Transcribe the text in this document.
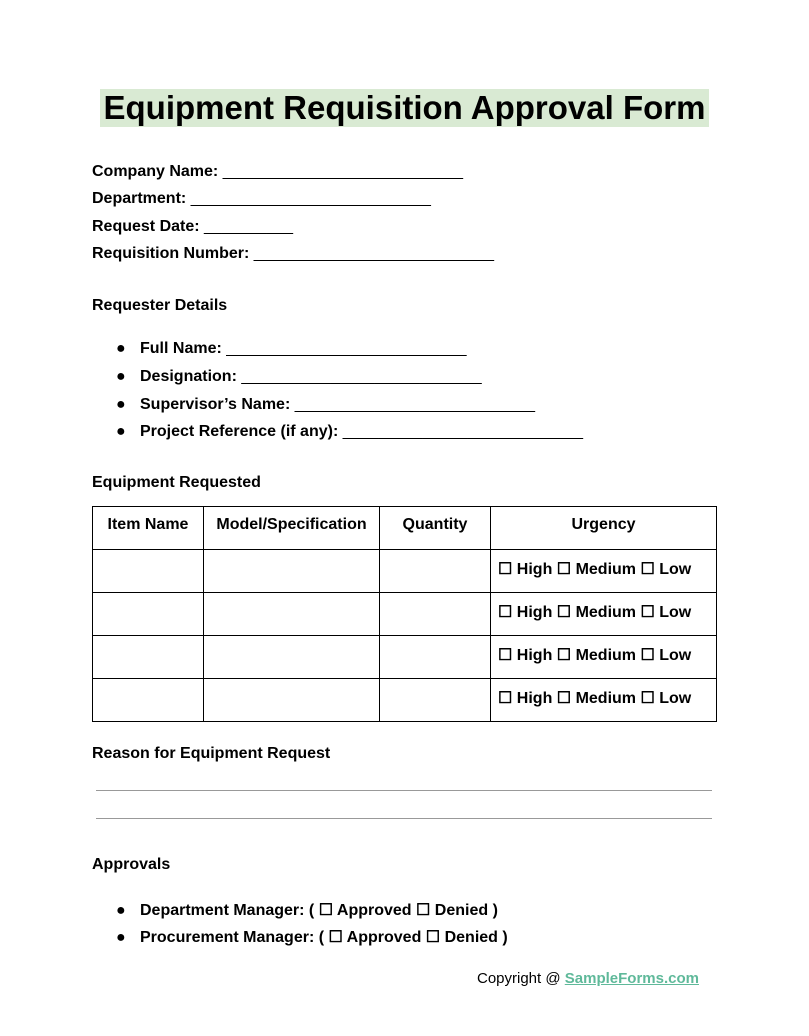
Equipment Requisition Approval Form
Company Name: ___________________________
Department: ___________________________
Request Date: __________
Requisition Number: ___________________________
Requester Details
● Full Name: ___________________________
● Designation: ___________________________
● Supervisor’s Name: ___________________________
● Project Reference (if any): ___________________________
Equipment Requested
Item Name	Model/Specification	Quantity	Urgency
			☐ High ☐ Medium ☐ Low
			☐ High ☐ Medium ☐ Low
			☐ High ☐ Medium ☐ Low
			☐ High ☐ Medium ☐ Low
Reason for Equipment Request
Approvals
● Department Manager: ( ☐ Approved ☐ Denied )
● Procurement Manager: ( ☐ Approved ☐ Denied )
Copyright @ SampleForms.com
